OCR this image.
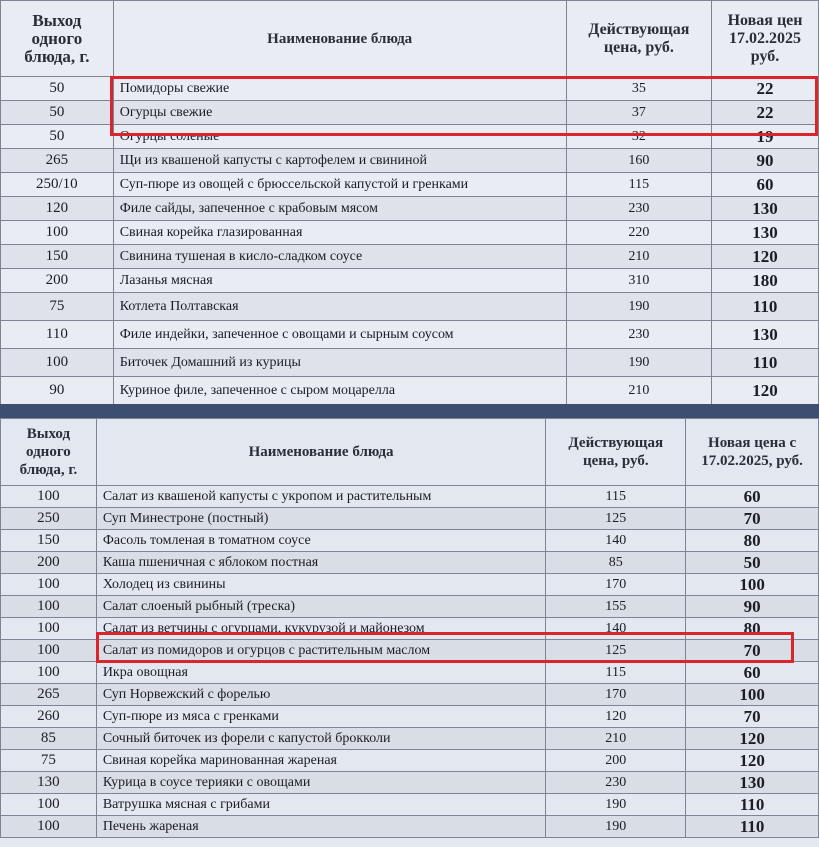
Выход одного блюда, г.	Наименование блюда	Действующая цена, руб.	Новая цен 17.02.2025 руб.
50	Помидоры свежие	35	22
50	Огурцы свежие	37	22
50	Огурцы соленые	32	19
265	Щи из квашеной капусты с картофелем и свининой	160	90
250/10	Суп-пюре из овощей с брюссельской капустой и гренками	115	60
120	Филе сайды, запеченное с крабовым мясом	230	130
100	Свиная корейка глазированная	220	130
150	Свинина тушеная в кисло-сладком соусе	210	120
200	Лазанья мясная	310	180
75	Котлета Полтавская	190	110
110	Филе индейки, запеченное с овощами и сырным соусом	230	130
100	Биточек Домашний из курицы	190	110
90	Куриное филе, запеченное с сыром моцарелла	210	120
Выход одного блюда, г.	Наименование блюда	Действующая цена, руб.	Новая цена с 17.02.2025, руб.
100	Салат из квашеной капусты с укропом и растительным	115	60
250	Суп Минестроне (постный)	125	70
150	Фасоль томленая в томатном соусе	140	80
200	Каша пшеничная с яблоком постная	85	50
100	Холодец из свинины	170	100
100	Салат слоеный рыбный (треска)	155	90
100	Салат из ветчины с огурцами, кукурузой и майонезом	140	80
100	Салат из помидоров и огурцов с растительным маслом	125	70
100	Икра овощная	115	60
265	Суп Норвежский с форелью	170	100
260	Суп-пюре из мяса с гренками	120	70
85	Сочный биточек из форели с капустой брокколи	210	120
75	Свиная корейка маринованная жареная	200	120
130	Курица в соусе терияки с овощами	230	130
100	Ватрушка мясная с грибами	190	110
100	Печень жареная	190	110
